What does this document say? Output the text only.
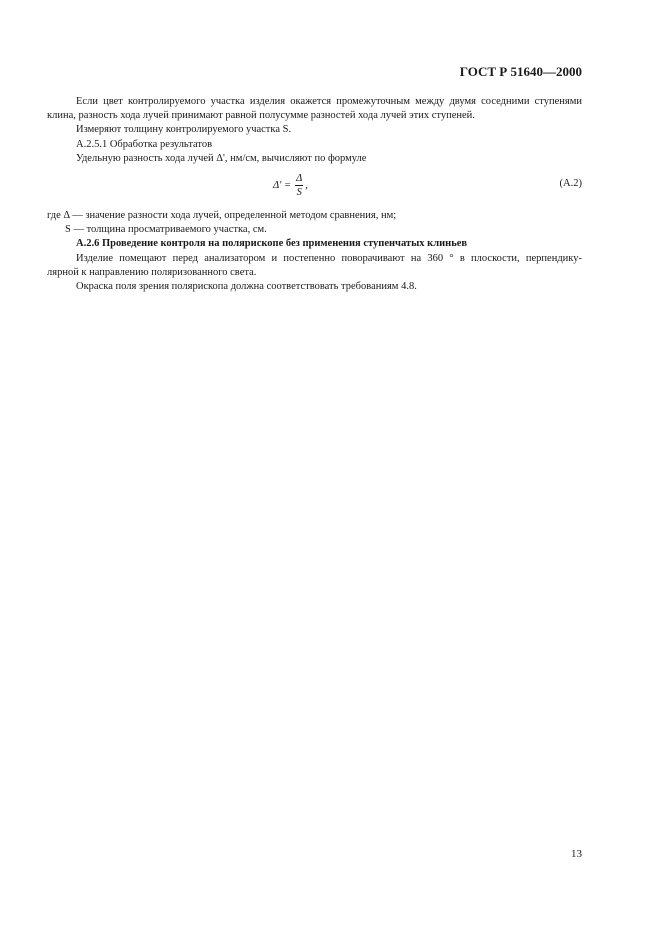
ГОСТ Р 51640—2000

Если цвет контролируемого участка изделия окажется промежуточным между двумя соседними ступенями

клина, разность хода лучей принимают равной полусумме разностей хода лучей этих ступеней.

Измеряют толщину контролируемого участка S.

А.2.5.1 Обработка результатов

Удельную разность хода лучей Δ', нм/см, вычисляют по формуле

$\Delta' = \frac{\Delta}{S}$ ,	(А.2)

где Δ — значение разности хода лучей, определенной методом сравнения, нм;

S — толщина просматриваемого участка, см.

А.2.6 Проведение контроля на полярископе без применения ступенчатых клиньев

Изделие помещают перед анализатором и постепенно поворачивают на 360 ° в плоскости, перпендику-

лярной к направлению поляризованного света.

Окраска поля зрения полярископа должна соответствовать требованиям 4.8.

13
